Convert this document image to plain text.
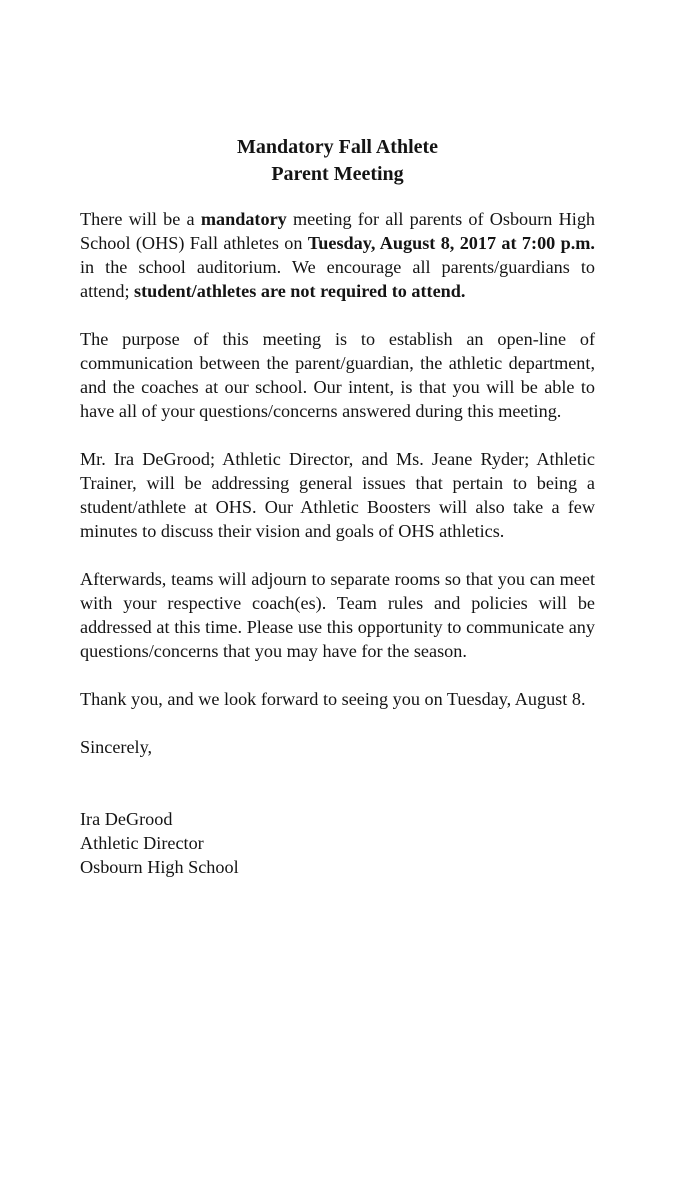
Mandatory Fall Athlete
Parent Meeting

There will be a mandatory meeting for all parents of Osbourn High School (OHS) Fall athletes on Tuesday, August 8, 2017 at 7:00 p.m. in the school auditorium. We encourage all parents/guardians to attend; student/athletes are not required to attend.

The purpose of this meeting is to establish an open-line of communication between the parent/guardian, the athletic department, and the coaches at our school. Our intent, is that you will be able to have all of your questions/concerns answered during this meeting.

Mr. Ira DeGrood; Athletic Director, and Ms. Jeane Ryder; Athletic Trainer, will be addressing general issues that pertain to being a student/athlete at OHS. Our Athletic Boosters will also take a few minutes to discuss their vision and goals of OHS athletics.

Afterwards, teams will adjourn to separate rooms so that you can meet with your respective coach(es). Team rules and policies will be addressed at this time. Please use this opportunity to communicate any questions/concerns that you may have for the season.

Thank you, and we look forward to seeing you on Tuesday, August 8.

Sincerely,
Ira DeGrood
Athletic Director
Osbourn High School
